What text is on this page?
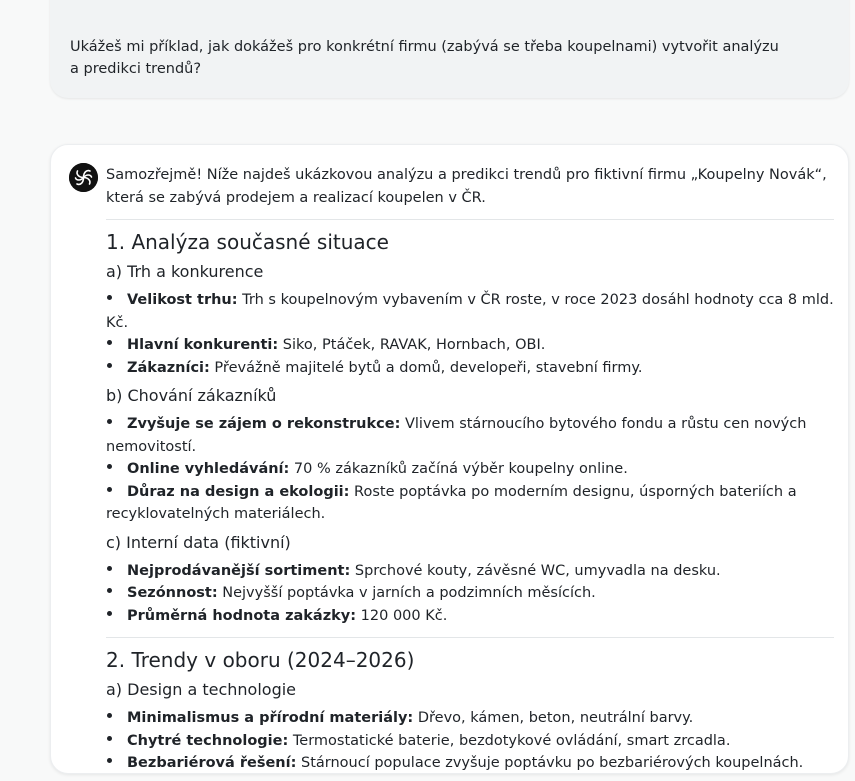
Ukážeš mi příklad, jak dokážeš pro konkrétní firmu (zabývá se třeba koupelnami) vytvořit analýzu a predikci trendů?

Samozřejmě! Níže najdeš ukázkovou analýzu a predikci trendů pro fiktivní firmu „Koupelny Novák“, která se zabývá prodejem a realizací koupelen v ČR.

1. Analýza současné situace
a) Trh a konkurence
Velikost trhu: Trh s koupelnovým vybavením v ČR roste, v roce 2023 dosáhl hodnoty cca 8 mld. Kč.
Hlavní konkurenti: Siko, Ptáček, RAVAK, Hornbach, OBI.
Zákazníci: Převážně majitelé bytů a domů, developeři, stavební firmy.
b) Chování zákazníků
Zvyšuje se zájem o rekonstrukce: Vlivem stárnoucího bytového fondu a růstu cen nových nemovitostí.
Online vyhledávání: 70 % zákazníků začíná výběr koupelny online.
Důraz na design a ekologii: Roste poptávka po moderním designu, úsporných bateriích a recyklovatelných materiálech.
c) Interní data (fiktivní)
Nejprodávanější sortiment: Sprchové kouty, závěsné WC, umyvadla na desku.
Sezónnost: Nejvyšší poptávka v jarních a podzimních měsících.
Průměrná hodnota zakázky: 120 000 Kč.
2. Trendy v oboru (2024–2026)
a) Design a technologie
Minimalismus a přírodní materiály: Dřevo, kámen, beton, neutrální barvy.
Chytré technologie: Termostatické baterie, bezdotykové ovládání, smart zrcadla.
Bezbariérová řešení: Stárnoucí populace zvyšuje poptávku po bezbariérových koupelnách.
